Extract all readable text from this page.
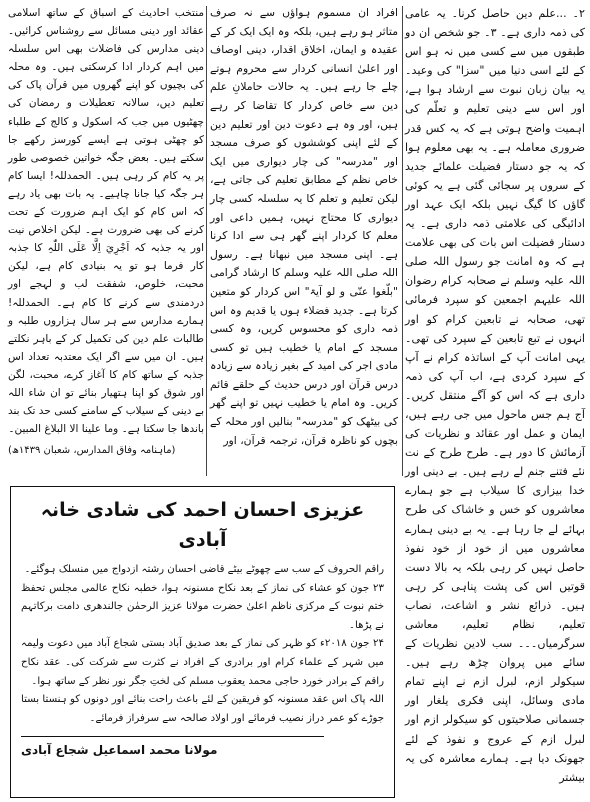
۲۔ ...علم دین حاصل کرنا۔ یہ عامی کی ذمہ داری ہے۔ ۳۔ جو شخص ان دو طبقوں میں سے کسی میں نہ ہو اس کے لئے اسی دنیا میں "سزا" کی وعید۔ یہ بیان زبان نبوت سے ارشاد ہوا ہے، اور اس سے دینی تعلیم و تعلّم کی اہمیت واضح ہوتی ہے کہ یہ کس قدر ضروری معاملہ ہے۔ یہ بھی معلوم ہوا کہ یہ جو دستار فضیلت علمائے جدید کے سروں پر سجائی گئی ہے یہ کوئی گاؤں کا گیگ نہیں بلکہ ایک عہد اور ادائیگی کی علامتی ذمہ داری ہے۔ یہ دستار فضیلت اس بات کی بھی علامت ہے کہ وہ امانت جو رسول اللہ صلی اللہ علیہ وسلم نے صحابہ کرام رضوان اللہ علیہم اجمعین کو سپرد فرمائی تھی، صحابہ نے تابعین کرام کو اور انہوں نے تبع تابعین کے سپرد کی تھی۔ یہی امانت آپ کے اساتذہ کرام نے آپ کے سپرد کردی ہے، اب آپ کی ذمہ داری ہے کہ اس کو آگے منتقل کریں۔ آج ہم جس ماحول میں جی رہے ہیں، ایمان و عمل اور عقائد و نظریات کی آزمائش کا دور ہے۔ طرح طرح کے نت نئے فتنے جنم لے رہے ہیں۔ بے دینی اور خدا بیزاری کا سیلاب ہے جو ہمارے معاشروں کو خس و خاشاک کی طرح بہائے لے جا رہا ہے۔ یہ بے دینی ہمارے معاشروں میں از خود از خود نفوذ حاصل نہیں کر رہی بلکہ یہ بالا دست قوتیں اس کی پشت پناہی کر رہی ہیں۔ ذرائع نشر و اشاعت، نصاب تعلیم، نظام تعلیم، معاشی سرگرمیاں۔۔۔ سب لادین نظریات کے سائے میں پروان چڑھ رہے ہیں۔ سیکولر ازم، لبرل ازم نے اپنے تمام مادی وسائل، اپنی فکری یلغار اور جسمانی صلاحیتوں کو سیکولر ازم اور لبرل ازم کے عروج و نفوذ کے لئے جھونک دیا ہے۔ ہمارے معاشرہ کی یہ بیشتر

افراد ان مسموم ہواؤں سے نہ صرف متاثر ہو رہے ہیں، بلکہ وہ ایک ایک کر کے عقیدہ و ایمان، اخلاق اقدار، دینی اوصاف اور اعلیٰ انسانی کردار سے محروم ہوتے چلے جا رہے ہیں۔ یہ حالات حاملانِ علم دین سے خاص کردار کا تقاضا کر رہے ہیں، اور وہ ہے دعوت دین اور تعلیم دین کے لئے اپنی کوششوں کو صرف مسجد اور "مدرسہ" کی چار دیواری میں ایک خاص نظم کے مطابق تعلیم کی جاتی ہے، لیکن تعلیم و تعلم کا یہ سلسلہ کسی چار دیواری کا محتاج نہیں، ہمیں داعی اور معلم کا کردار اپنے گھر ہی سے ادا کرنا ہے۔ اپنی مسجد میں نبھانا ہے۔ رسول اللہ صلی اللہ علیہ وسلم کا ارشاد گرامی "بلّغوا عنّی و لو آیۃ" اس کردار کو متعین کرتا ہے۔ جدید فضلاء ہوں یا قدیم وہ اس ذمہ داری کو محسوس کریں، وہ کسی مسجد کے امام یا خطیب ہیں تو کسی مادی اجر کی امید کے بغیر زیادہ سے زیادہ درس قرآن اور درس حدیث کے حلقے قائم کریں۔ وہ امام یا خطیب نہیں تو اپنے گھر کی بیٹھک کو "مدرسہ" بنالیں اور محلہ کے بچوں کو ناظرہ قرآن، ترجمہ قرآن، اور

منتخب احادیث کے اسباق کے ساتھ اسلامی عقائد اور دینی مسائل سے روشناس کرائیں۔ دینی مدارس کی فاضلات بھی اس سلسلہ میں اہم کردار ادا کرسکتی ہیں۔ وہ محلہ کی بچیوں کو اپنے گھروں میں قرآن پاک کی تعلیم دیں، سالانہ تعطیلات و رمضان کی چھٹیوں میں جب کہ اسکول و کالج کے طلباء کو چھٹی ہوتی ہے ایسے کورسز رکھے جا سکتے ہیں۔ بعض جگہ خواتین خصوصی طور پر یہ کام کر رہی ہیں۔ الحمدللہ! ایسا کام ہر جگہ کیا جانا چاہیے۔ یہ بات بھی یاد رہے کہ اس کام کو ایک اہم ضرورت کے تحت کرنے کی بھی ضرورت ہے۔ لیکن اخلاص نیت اور یہ جذبہ کہ اَجْرِيَ اِلَّا عَلَى اللّٰہِ کا جذبہ کار فرما ہو تو یہ بنیادی کام ہے، لیکن محبت، خلوص، شفقت لب و لہجے اور دردمندی سے کرنے کا کام ہے۔ الحمدللہ! ہمارے مدارس سے ہر سال ہزاروں طلبہ و طالبات علم دین کی تکمیل کر کے باہر نکلتے ہیں۔ ان میں سے اگر ایک معتدبہ تعداد اس جذبہ کے ساتھ کام کا آغاز کرے، محبت، لگن اور شوق کو اپنا ہتھیار بنائے تو ان شاء اللہ بے دینی کے سیلاب کے سامنے کسی حد تک بند باندھا جا سکتا ہے۔ وما علینا الا البلاغ المبین۔

(ماہنامہ وفاق المدارس، شعبان ۱۴۳۹ھ)
عزیزی احسان احمد کی شادی خانہ آبادی

راقم الحروف کے سب سے چھوٹے بیٹے قاضی احسان رشتہ ازدواج میں منسلک ہوگئے۔

۲۳ جون کو عشاء کی نماز کے بعد نکاح مسنونہ ہوا، خطبہ نکاح عالمی مجلس تحفظ ختم نبوت کے مرکزی ناظم اعلیٰ حضرت مولانا عزیز الرحمٰن جالندھری دامت برکاتہم نے پڑھا۔

۲۴ جون ۲۰۱۸ء کو ظہر کی نماز کے بعد صدیق آباد بستی شجاع آباد میں دعوت ولیمہ میں شہر کے علماء کرام اور برادری کے افراد نے کثرت سے شرکت کی۔ عقد نکاح راقم کے برادر خورد حاجی محمد یعقوب مسلم کی لختِ جگر نور نظر کے ساتھ ہوا۔

اللہ پاک اس عقد مسنونہ کو فریقین کے لئے باعث راحت بنائے اور دونوں کو ہنستا بستا جوڑے کو عمر دراز نصیب فرمائے اور اولاد صالحہ سے سرفراز فرمائے۔

مولانا محمد اسماعیل شجاع آبادی
